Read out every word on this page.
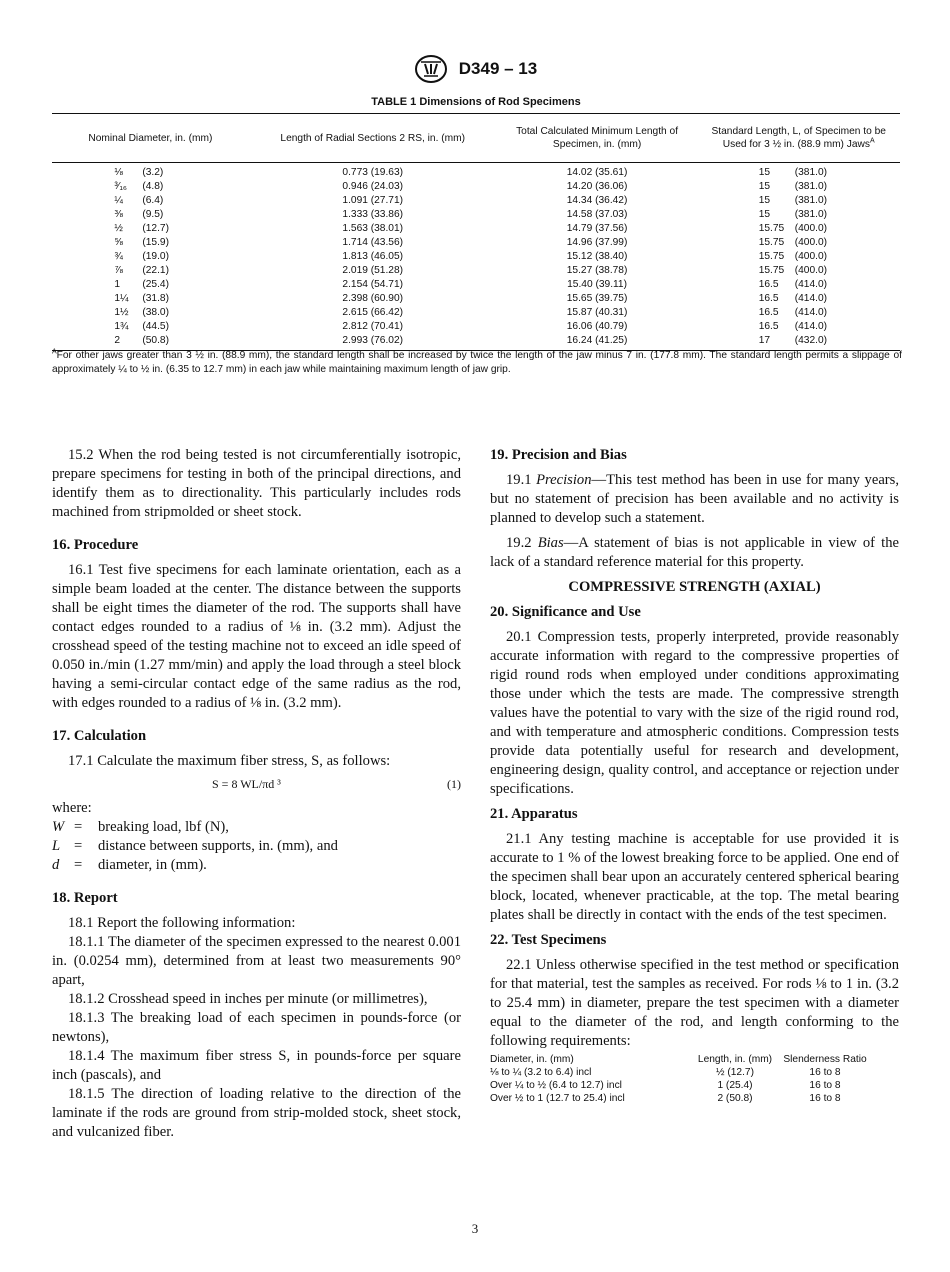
D349 – 13
TABLE 1 Dimensions of Rod Specimens
Nominal Diameter, in. (mm)	Length of Radial Sections 2 RS, in. (mm)	Total Calculated Minimum Length of Specimen, in. (mm)	Standard Length, L, of Specimen to be Used for 3 ½ in. (88.9 mm) Jaws$^A$
⅛ (3.2)	0.773 (19.63)	14.02 (35.61)	15 (381.0)
³⁄₁₆ (4.8)	0.946 (24.03)	14.20 (36.06)	15 (381.0)
¼ (6.4)	1.091 (27.71)	14.34 (36.42)	15 (381.0)
⅜ (9.5)	1.333 (33.86)	14.58 (37.03)	15 (381.0)
½ (12.7)	1.563 (38.01)	14.79 (37.56)	15.75 (400.0)
⅝ (15.9)	1.714 (43.56)	14.96 (37.99)	15.75 (400.0)
¾ (19.0)	1.813 (46.05)	15.12 (38.40)	15.75 (400.0)
⅞ (22.1)	2.019 (51.28)	15.27 (38.78)	15.75 (400.0)
1 (25.4)	2.154 (54.71)	15.40 (39.11)	16.5 (414.0)
1¼ (31.8)	2.398 (60.90)	15.65 (39.75)	16.5 (414.0)
1½ (38.0)	2.615 (66.42)	15.87 (40.31)	16.5 (414.0)
1¾ (44.5)	2.812 (70.41)	16.06 (40.79)	16.5 (414.0)
2 (50.8)	2.993 (76.02)	16.24 (41.25)	17 (432.0)
$^A$For other jaws greater than 3 ½ in. (88.9 mm), the standard length shall be increased by twice the length of the jaw minus 7 in. (177.8 mm). The standard length permits a slippage of approximately ¼ to ½ in. (6.35 to 12.7 mm) in each jaw while maintaining maximum length of jaw grip.

15.2 When the rod being tested is not circumferentially isotropic, prepare specimens for testing in both of the principal directions, and identify them as to directionality. This particularly includes rods machined from stripmolded or sheet stock.

16. Procedure

16.1 Test five specimens for each laminate orientation, each as a simple beam loaded at the center. The distance between the supports shall be eight times the diameter of the rod. The supports shall have contact edges rounded to a radius of ⅛ in. (3.2 mm). Adjust the crosshead speed of the testing machine not to exceed an idle speed of 0.050 in./min (1.27 mm/min) and apply the load through a steel block having a semi-circular contact edge of the same radius as the rod, with edges rounded to a radius of ⅛ in. (3.2 mm).

17. Calculation

17.1 Calculate the maximum fiber stress, S, as follows:

S = 8 WL/πd ³	(1)

where:

W =	breaking load, lbf (N),
L =	distance between supports, in. (mm), and
d	=	diameter, in (mm).
18. Report

18.1 Report the following information:

18.1.1 The diameter of the specimen expressed to the nearest 0.001 in. (0.0254 mm), determined from at least two measurements 90° apart,

18.1.2 Crosshead speed in inches per minute (or millimetres),

18.1.3 The breaking load of each specimen in pounds-force (or newtons),

18.1.4 The maximum fiber stress S, in pounds-force per square inch (pascals), and

18.1.5 The direction of loading relative to the direction of the laminate if the rods are ground from strip-molded stock, sheet stock, and vulcanized fiber.

19. Precision and Bias

19.1 Precision—This test method has been in use for many years, but no statement of precision has been available and no activity is planned to develop such a statement.

19.2 Bias—A statement of bias is not applicable in view of the lack of a standard reference material for this property.

COMPRESSIVE STRENGTH (AXIAL)

20. Significance and Use

20.1 Compression tests, properly interpreted, provide reasonably accurate information with regard to the compressive properties of rigid round rods when employed under conditions approximating those under which the tests are made. The compressive strength values have the potential to vary with the size of the rigid round rod, and with temperature and atmospheric conditions. Compression tests provide data potentially useful for research and development, engineering design, quality control, and acceptance or rejection under specifications.

21. Apparatus

21.1 Any testing machine is acceptable for use provided it is accurate to 1 % of the lowest breaking force to be applied. One end of the specimen shall bear upon an accurately centered spherical bearing block, located, whenever practicable, at the top. The metal bearing plates shall be directly in contact with the ends of the test specimen.

22. Test Specimens

22.1 Unless otherwise specified in the test method or specification for that material, test the samples as received. For rods ⅛ to 1 in. (3.2 to 25.4 mm) in diameter, prepare the test specimen with a diameter equal to the diameter of the rod, and length conforming to the following requirements:

Diameter, in. (mm)	Length, in. (mm)	Slenderness Ratio
⅛ to ¼ (3.2 to 6.4) incl	½ (12.7)	16 to 8
Over ¼ to ½ (6.4 to 12.7) incl	1 (25.4)	16 to 8
Over ½ to 1 (12.7 to 25.4) incl	2 (50.8)	16 to 8
3
